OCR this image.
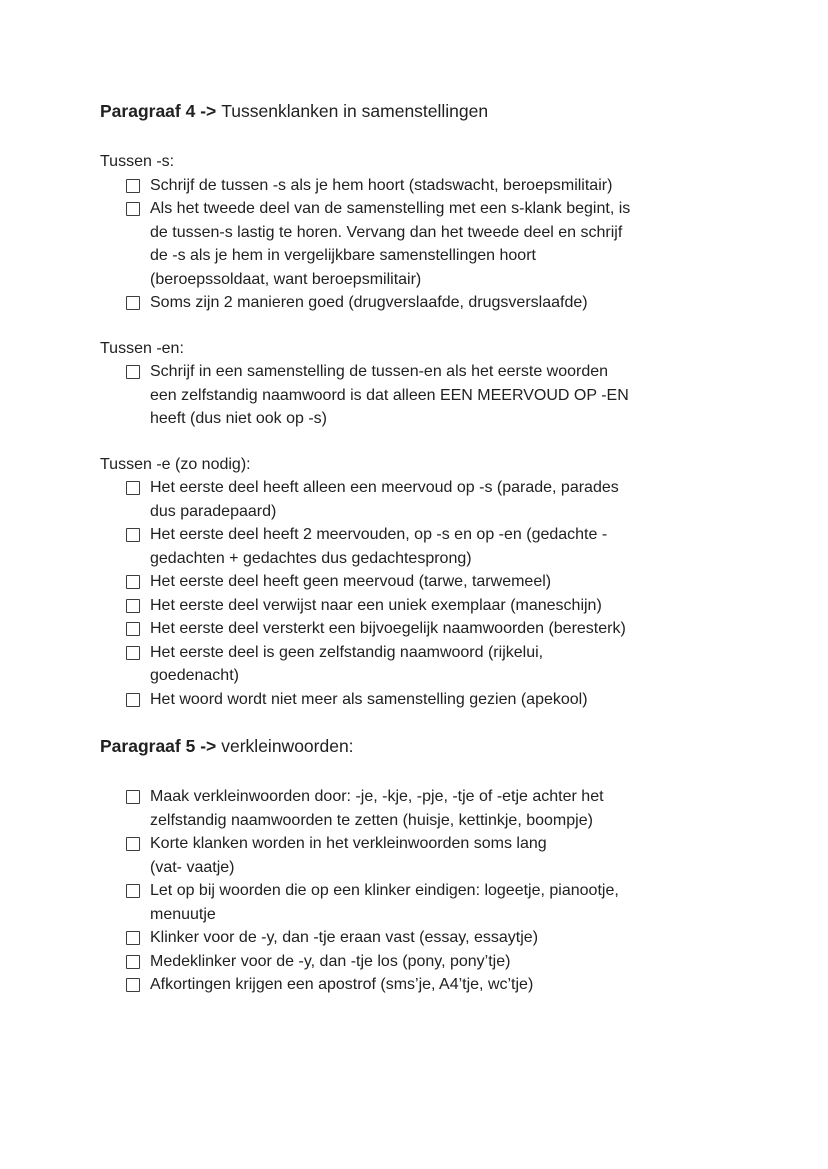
Paragraaf 4 -> Tussenklanken in samenstellingen
Tussen -s:
Schrijf de tussen -s als je hem hoort (stadswacht, beroepsmilitair)
Als het tweede deel van de samenstelling met een s-klank begint, is
de tussen-s lastig te horen. Vervang dan het tweede deel en schrijf
de -s als je hem in vergelijkbare samenstellingen hoort
(beroepssoldaat, want beroepsmilitair)
Soms zijn 2 manieren goed (drugverslaafde, drugsverslaafde)
Tussen -en:
Schrijf in een samenstelling de tussen-en als het eerste woorden
een zelfstandig naamwoord is dat alleen EEN MEERVOUD OP -EN
heeft (dus niet ook op -s)
Tussen -e (zo nodig):
Het eerste deel heeft alleen een meervoud op -s (parade, parades
dus paradepaard)
Het eerste deel heeft 2 meervouden, op -s en op -en (gedachte -
gedachten + gedachtes dus gedachtesprong)
Het eerste deel heeft geen meervoud (tarwe, tarwemeel)
Het eerste deel verwijst naar een uniek exemplaar (maneschijn)
Het eerste deel versterkt een bijvoegelijk naamwoorden (beresterk)
Het eerste deel is geen zelfstandig naamwoord (rijkelui,
goedenacht)
Het woord wordt niet meer als samenstelling gezien (apekool)
Paragraaf 5 -> verkleinwoorden:
Maak verkleinwoorden door: -je, -kje, -pje, -tje of -etje achter het
zelfstandig naamwoorden te zetten (huisje, kettinkje, boompje)
Korte klanken worden in het verkleinwoorden soms lang
(vat- vaatje)
Let op bij woorden die op een klinker eindigen: logeetje, pianootje,
menuutje
Klinker voor de -y, dan -tje eraan vast (essay, essaytje)
Medeklinker voor de -y, dan -tje los (pony, pony’tje)
Afkortingen krijgen een apostrof (sms’je, A4’tje, wc’tje)
